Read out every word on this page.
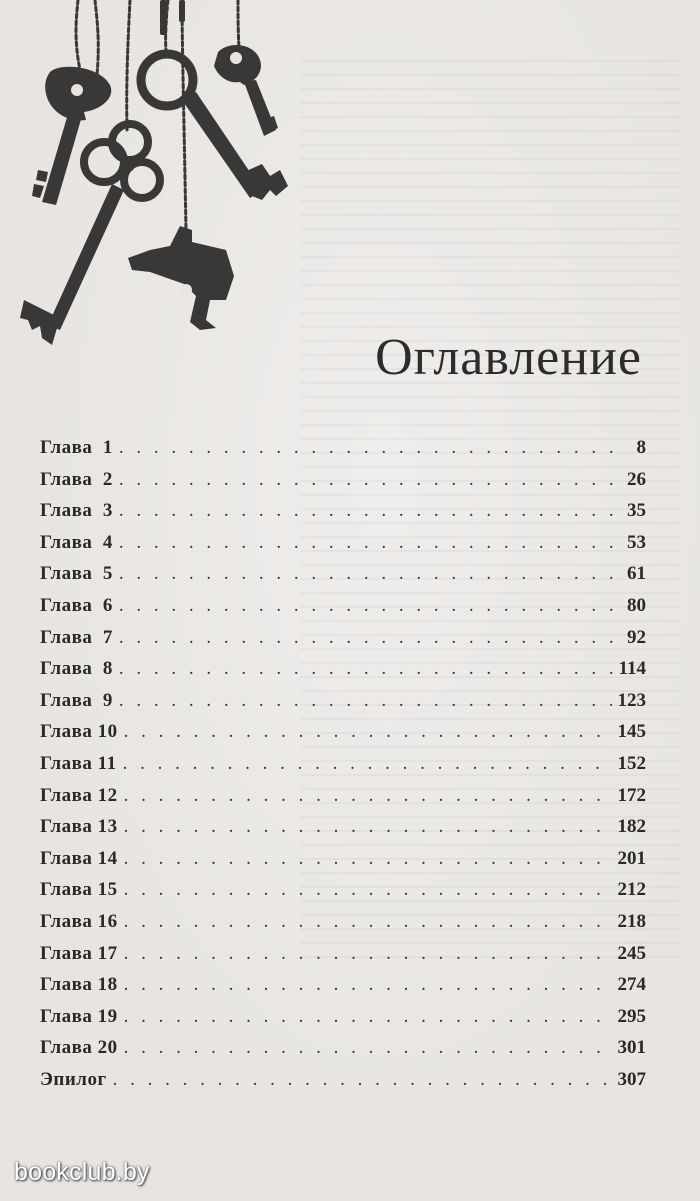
Оглавление
Глава  1 . . .	8
Глава  2 . . .	26
Глава  3 . . .	35
Глава  4 . . .	53
Глава  5 . . .	61
Глава  6 . . .	80
Глава  7 . . .	92
Глава  8 . . .	114
Глава  9 . . .	123
Глава 10 . . .	145
Глава 11 . . .	152
Глава 12 . . .	172
Глава 13 . . .	182
Глава 14 . . .	201
Глава 15 . . .	212
Глава 16 . . .	218
Глава 17 . . .	245
Глава 18 . . .	274
Глава 19 . . .	295
Глава 20 . . .	301
Эпилог . . .	307
bookclub.by
